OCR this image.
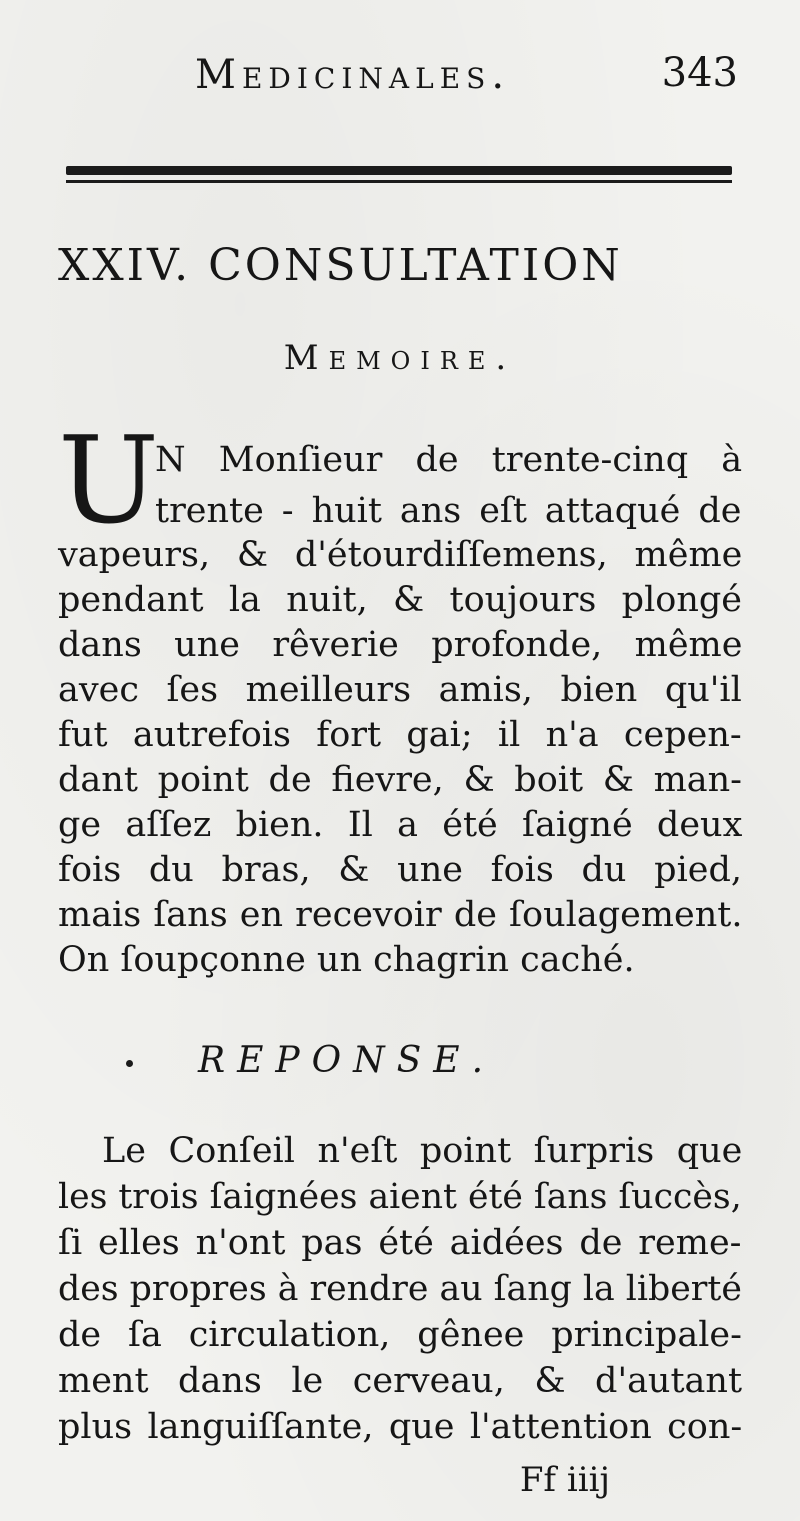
Medicinales.	343
XXIV. CONSULTATION
Memoire.
U
N Monſieur de trente-cinq à
trente - huit ans eſt attaqué de
vapeurs, & d'étourdiſſemens, même
pendant la nuit, & toujours plongé
dans une rêverie profonde, même
avec ſes meilleurs amis, bien qu'il
fut autrefois fort gai; il n'a cepen-
dant point de fievre, & boit & man-
ge aſſez bien. Il a été ſaigné deux
fois du bras, & une fois du pied,
mais ſans en recevoir de ſoulagement.
On ſoupçonne un chagrin caché.
REPONSE.
Le Conſeil n'eſt point ſurpris que
les trois ſaignées aient été ſans ſuccès,
ſi elles n'ont pas été aidées de reme-
des propres à rendre au ſang la liberté
de ſa circulation, gênee principale-
ment dans le cerveau, & d'autant
plus languiſſante, que l'attention con-
Ff iiij
